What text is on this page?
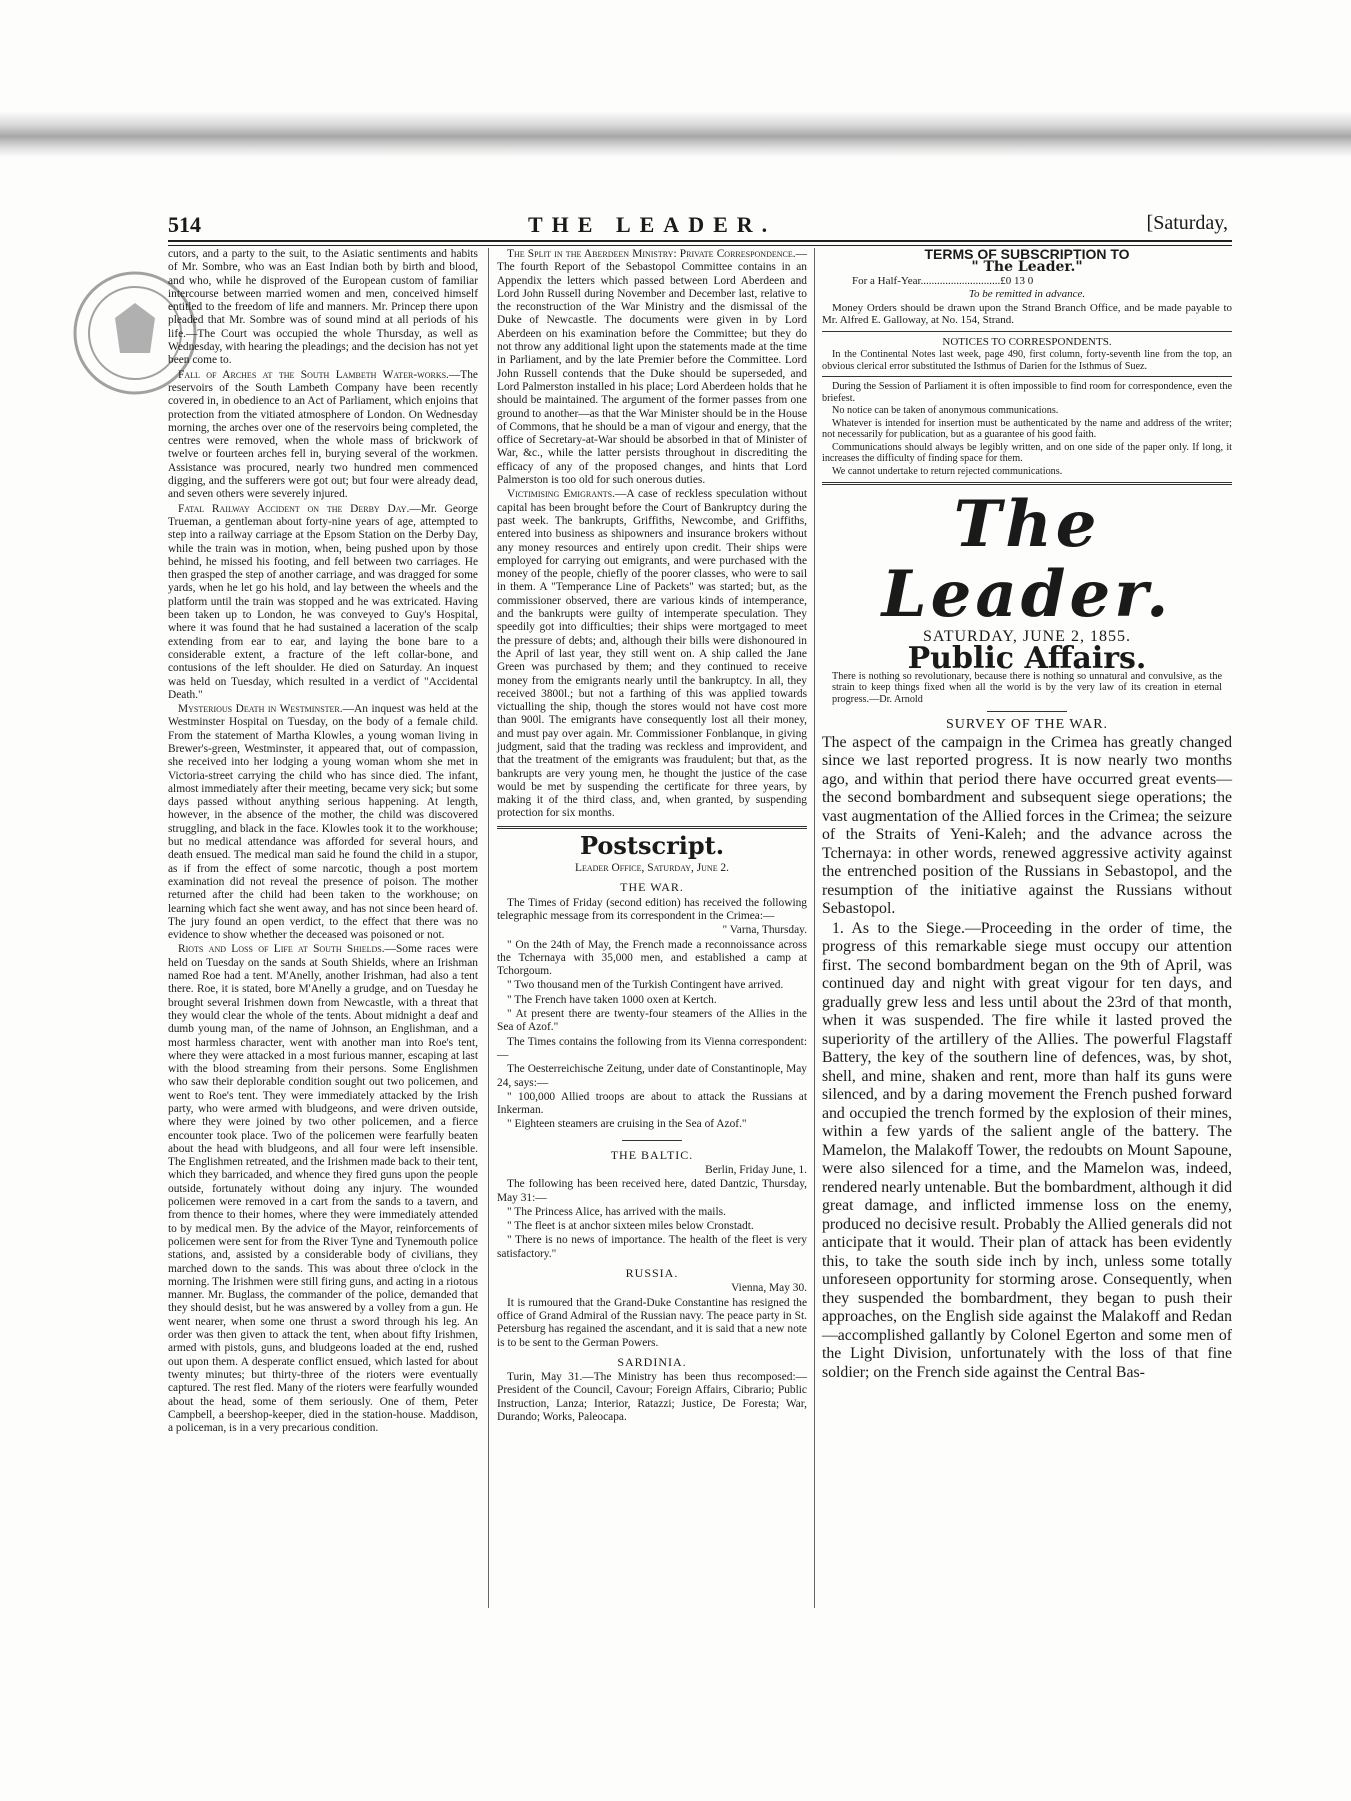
514	THE LEADER.	[Saturday,

cutors, and a party to the suit, to the Asiatic sentiments and habits of Mr. Sombre, who was an East Indian both by birth and blood, and who, while he disproved of the European custom of familiar intercourse between married women and men, conceived himself entitled to the freedom of life and manners. Mr. Princep there upon pleaded that Mr. Sombre was of sound mind at all periods of his life.—The Court was occupied the whole Thursday, as well as Wednesday, with hearing the pleadings; and the decision has not yet been come to.

Fall of Arches at the South Lambeth Water-works.—The reservoirs of the South Lambeth Company have been recently covered in, in obedience to an Act of Parliament, which enjoins that protection from the vitiated atmosphere of London. On Wednesday morning, the arches over one of the reservoirs being completed, the centres were removed, when the whole mass of brickwork of twelve or fourteen arches fell in, burying several of the workmen. Assistance was procured, nearly two hundred men commenced digging, and the sufferers were got out; but four were already dead, and seven others were severely injured.

Fatal Railway Accident on the Derby Day.—Mr. George Trueman, a gentleman about forty-nine years of age, attempted to step into a railway carriage at the Epsom Station on the Derby Day, while the train was in motion, when, being pushed upon by those behind, he missed his footing, and fell between two carriages. He then grasped the step of another carriage, and was dragged for some yards, when he let go his hold, and lay between the wheels and the platform until the train was stopped and he was extricated. Having been taken up to London, he was conveyed to Guy's Hospital, where it was found that he had sustained a laceration of the scalp extending from ear to ear, and laying the bone bare to a considerable extent, a fracture of the left collar-bone, and contusions of the left shoulder. He died on Saturday. An inquest was held on Tuesday, which resulted in a verdict of "Accidental Death."

Mysterious Death in Westminster.—An inquest was held at the Westminster Hospital on Tuesday, on the body of a female child. From the statement of Martha Klowles, a young woman living in Brewer's-green, Westminster, it appeared that, out of compassion, she received into her lodging a young woman whom she met in Victoria-street carrying the child who has since died. The infant, almost immediately after their meeting, became very sick; but some days passed without anything serious happening. At length, however, in the absence of the mother, the child was discovered struggling, and black in the face. Klowles took it to the workhouse; but no medical attendance was afforded for several hours, and death ensued. The medical man said he found the child in a stupor, as if from the effect of some narcotic, though a post mortem examination did not reveal the presence of poison. The mother returned after the child had been taken to the workhouse; on learning which fact she went away, and has not since been heard of. The jury found an open verdict, to the effect that there was no evidence to show whether the deceased was poisoned or not.

Riots and Loss of Life at South Shields.—Some races were held on Tuesday on the sands at South Shields, where an Irishman named Roe had a tent. M'Anelly, another Irishman, had also a tent there. Roe, it is stated, bore M'Anelly a grudge, and on Tuesday he brought several Irishmen down from Newcastle, with a threat that they would clear the whole of the tents. About midnight a deaf and dumb young man, of the name of Johnson, an Englishman, and a most harmless character, went with another man into Roe's tent, where they were attacked in a most furious manner, escaping at last with the blood streaming from their persons. Some Englishmen who saw their deplorable condition sought out two policemen, and went to Roe's tent. They were immediately attacked by the Irish party, who were armed with bludgeons, and were driven outside, where they were joined by two other policemen, and a fierce encounter took place. Two of the policemen were fearfully beaten about the head with bludgeons, and all four were left insensible. The Englishmen retreated, and the Irishmen made back to their tent, which they barricaded, and whence they fired guns upon the people outside, fortunately without doing any injury. The wounded policemen were removed in a cart from the sands to a tavern, and from thence to their homes, where they were immediately attended to by medical men. By the advice of the Mayor, reinforcements of policemen were sent for from the River Tyne and Tynemouth police stations, and, assisted by a considerable body of civilians, they marched down to the sands. This was about three o'clock in the morning. The Irishmen were still firing guns, and acting in a riotous manner. Mr. Buglass, the commander of the police, demanded that they should desist, but he was answered by a volley from a gun. He went nearer, when some one thrust a sword through his leg. An order was then given to attack the tent, when about fifty Irishmen, armed with pistols, guns, and bludgeons loaded at the end, rushed out upon them. A desperate conflict ensued, which lasted for about twenty minutes; but thirty-three of the rioters were eventually captured. The rest fled. Many of the rioters were fearfully wounded about the head, some of them seriously. One of them, Peter Campbell, a beershop-keeper, died in the station-house. Maddison, a policeman, is in a very precarious condition.

The Split in the Aberdeen Ministry: Private Correspondence.—The fourth Report of the Sebastopol Committee contains in an Appendix the letters which passed between Lord Aberdeen and Lord John Russell during November and December last, relative to the reconstruction of the War Ministry and the dismissal of the Duke of Newcastle. The documents were given in by Lord Aberdeen on his examination before the Committee; but they do not throw any additional light upon the statements made at the time in Parliament, and by the late Premier before the Committee. Lord John Russell contends that the Duke should be superseded, and Lord Palmerston installed in his place; Lord Aberdeen holds that he should be maintained. The argument of the former passes from one ground to another—as that the War Minister should be in the House of Commons, that he should be a man of vigour and energy, that the office of Secretary-at-War should be absorbed in that of Minister of War, &c., while the latter persists throughout in discrediting the efficacy of any of the proposed changes, and hints that Lord Palmerston is too old for such onerous duties.

Victimising Emigrants.—A case of reckless speculation without capital has been brought before the Court of Bankruptcy during the past week. The bankrupts, Griffiths, Newcombe, and Griffiths, entered into business as shipowners and insurance brokers without any money resources and entirely upon credit. Their ships were employed for carrying out emigrants, and were purchased with the money of the people, chiefly of the poorer classes, who were to sail in them. A "Temperance Line of Packets" was started; but, as the commissioner observed, there are various kinds of intemperance, and the bankrupts were guilty of intemperate speculation. They speedily got into difficulties; their ships were mortgaged to meet the pressure of debts; and, although their bills were dishonoured in the April of last year, they still went on. A ship called the Jane Green was purchased by them; and they continued to receive money from the emigrants nearly until the bankruptcy. In all, they received 3800l.; but not a farthing of this was applied towards victualling the ship, though the stores would not have cost more than 900l. The emigrants have consequently lost all their money, and must pay over again. Mr. Commissioner Fonblanque, in giving judgment, said that the trading was reckless and improvident, and that the treatment of the emigrants was fraudulent; but that, as the bankrupts are very young men, he thought the justice of the case would be met by suspending the certificate for three years, by making it of the third class, and, when granted, by suspending protection for six months.

Postscript.

Leader Office, Saturday, June 2.

THE WAR.

The Times of Friday (second edition) has received the following telegraphic message from its correspondent in the Crimea:—

" Varna, Thursday.

" On the 24th of May, the French made a reconnoissance across the Tchernaya with 35,000 men, and established a camp at Tchorgoum.

" Two thousand men of the Turkish Contingent have arrived.

" The French have taken 1000 oxen at Kertch.

" At present there are twenty-four steamers of the Allies in the Sea of Azof."

The Times contains the following from its Vienna correspondent:—

The Oesterreichische Zeitung, under date of Constantinople, May 24, says:—

" 100,000 Allied troops are about to attack the Russians at Inkerman.

" Eighteen steamers are cruising in the Sea of Azof."

THE BALTIC.

Berlin, Friday June, 1.

The following has been received here, dated Dantzic, Thursday, May 31:—

" The Princess Alice, has arrived with the mails.

" The fleet is at anchor sixteen miles below Cronstadt.

" There is no news of importance. The health of the fleet is very satisfactory."

RUSSIA.

Vienna, May 30.

It is rumoured that the Grand-Duke Constantine has resigned the office of Grand Admiral of the Russian navy. The peace party in St. Petersburg has regained the ascendant, and it is said that a new note is to be sent to the German Powers.

SARDINIA.

Turin, May 31.—The Ministry has been thus recomposed:—President of the Council, Cavour; Foreign Affairs, Cibrario; Public Instruction, Lanza; Interior, Ratazzi; Justice, De Foresta; War, Durando; Works, Paleocapa.

TERMS OF SUBSCRIPTION TO
" The Leader."

For a Half-Year.............................£0 13 0

To be remitted in advance.

Money Orders should be drawn upon the Strand Branch Office, and be made payable to Mr. Alfred E. Galloway, at No. 154, Strand.

NOTICES TO CORRESPONDENTS.

In the Continental Notes last week, page 490, first column, forty-seventh line from the top, an obvious clerical error substituted the Isthmus of Darien for the Isthmus of Suez.

During the Session of Parliament it is often impossible to find room for correspondence, even the briefest.

No notice can be taken of anonymous communications.

Whatever is intended for insertion must be authenticated by the name and address of the writer; not necessarily for publication, but as a guarantee of his good faith.

Communications should always be legibly written, and on one side of the paper only. If long, it increases the difficulty of finding space for them.

We cannot undertake to return rejected communications.

The Leader.
SATURDAY, JUNE 2, 1855.
Public Affairs.

There is nothing so revolutionary, because there is nothing so unnatural and convulsive, as the strain to keep things fixed when all the world is by the very law of its creation in eternal progress.—Dr. Arnold

SURVEY OF THE WAR.

The aspect of the campaign in the Crimea has greatly changed since we last reported progress. It is now nearly two months ago, and within that period there have occurred great events—the second bombardment and subsequent siege operations; the vast augmentation of the Allied forces in the Crimea; the seizure of the Straits of Yeni-Kaleh; and the advance across the Tchernaya: in other words, renewed aggressive activity against the entrenched position of the Russians in Sebastopol, and the resumption of the initiative against the Russians without Sebastopol.

1. As to the Siege.—Proceeding in the order of time, the progress of this remarkable siege must occupy our attention first. The second bombardment began on the 9th of April, was continued day and night with great vigour for ten days, and gradually grew less and less until about the 23rd of that month, when it was suspended. The fire while it lasted proved the superiority of the artillery of the Allies. The powerful Flagstaff Battery, the key of the southern line of defences, was, by shot, shell, and mine, shaken and rent, more than half its guns were silenced, and by a daring movement the French pushed forward and occupied the trench formed by the explosion of their mines, within a few yards of the salient angle of the battery. The Mamelon, the Malakoff Tower, the redoubts on Mount Sapoune, were also silenced for a time, and the Mamelon was, indeed, rendered nearly untenable. But the bombardment, although it did great damage, and inflicted immense loss on the enemy, produced no decisive result. Probably the Allied generals did not anticipate that it would. Their plan of attack has been evidently this, to take the south side inch by inch, unless some totally unforeseen opportunity for storming arose. Consequently, when they suspended the bombardment, they began to push their approaches, on the English side against the Malakoff and Redan—accomplished gallantly by Colonel Egerton and some men of the Light Division, unfortunately with the loss of that fine soldier; on the French side against the Central Bas-
